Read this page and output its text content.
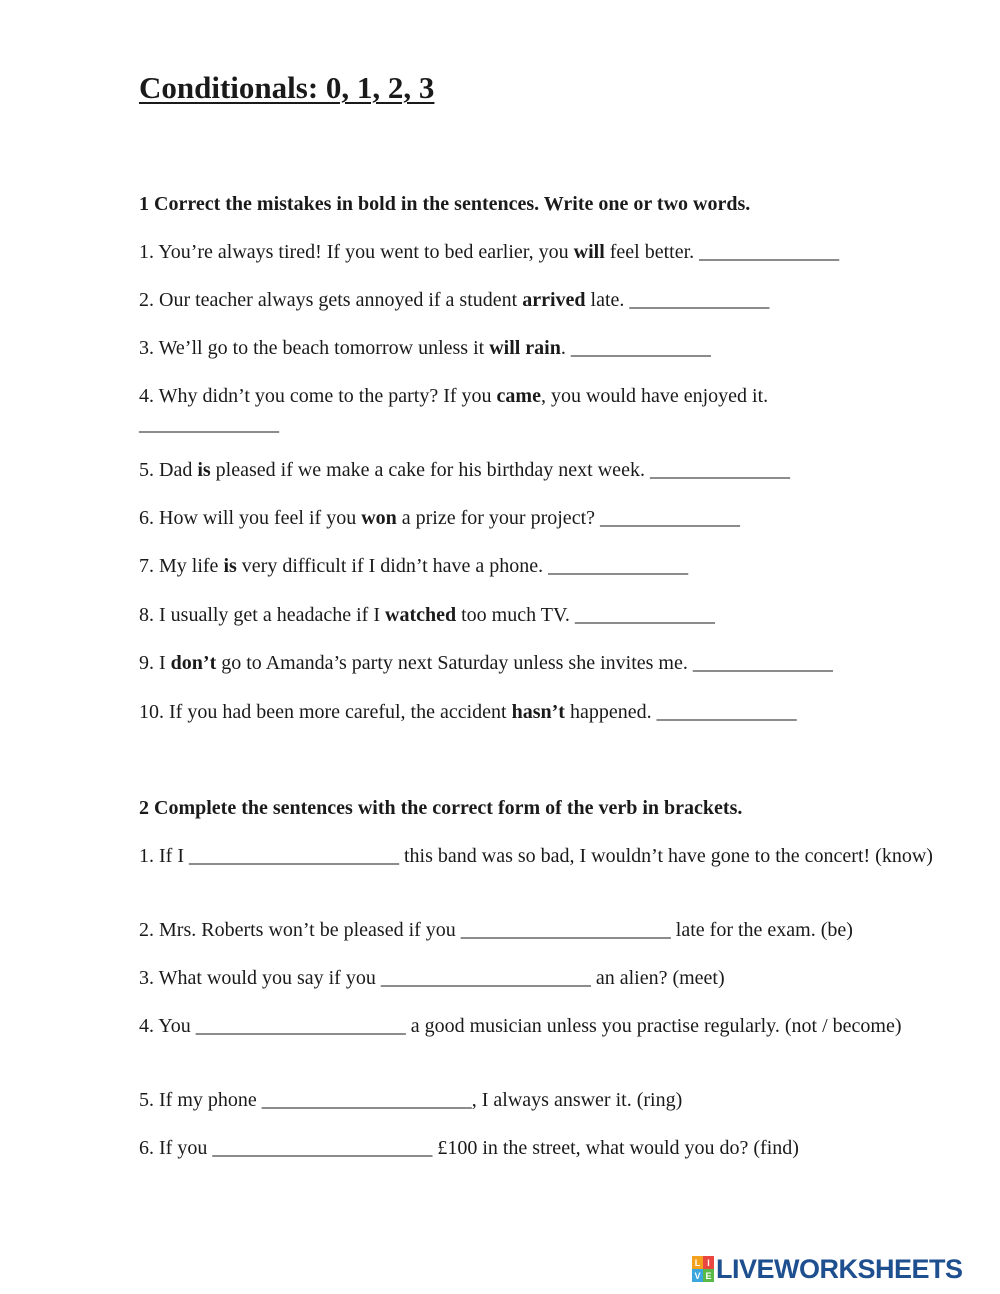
Conditionals: 0, 1, 2, 3

1 Correct the mistakes in bold in the sentences. Write one or two words.

1. You’re always tired! If you went to bed earlier, you will feel better. ______________

2. Our teacher always gets annoyed if a student arrived late. ______________

3. We’ll go to the beach tomorrow unless it will rain. ______________

4. Why didn’t you come to the party? If you came, you would have enjoyed it.

______________

5. Dad is pleased if we make a cake for his birthday next week. ______________

6. How will you feel if you won a prize for your project? ______________

7. My life is very difficult if I didn’t have a phone. ______________

8. I usually get a headache if I watched too much TV. ______________

9. I don’t go to Amanda’s party next Saturday unless she invites me. ______________

10. If you had been more careful, the accident hasn’t happened. ______________

2 Complete the sentences with the correct form of the verb in brackets.

1. If I _____________________ this band was so bad, I wouldn’t have gone to the concert! (know)

2. Mrs. Roberts won’t be pleased if you _____________________ late for the exam. (be)

3. What would you say if you _____________________ an alien? (meet)

4. You _____________________ a good musician unless you practise regularly. (not / become)

5. If my phone _____________________, I always answer it. (ring)

6. If you ______________________ £100 in the street, what would you do? (find)

L I
V E LIVEWORKSHEETS
